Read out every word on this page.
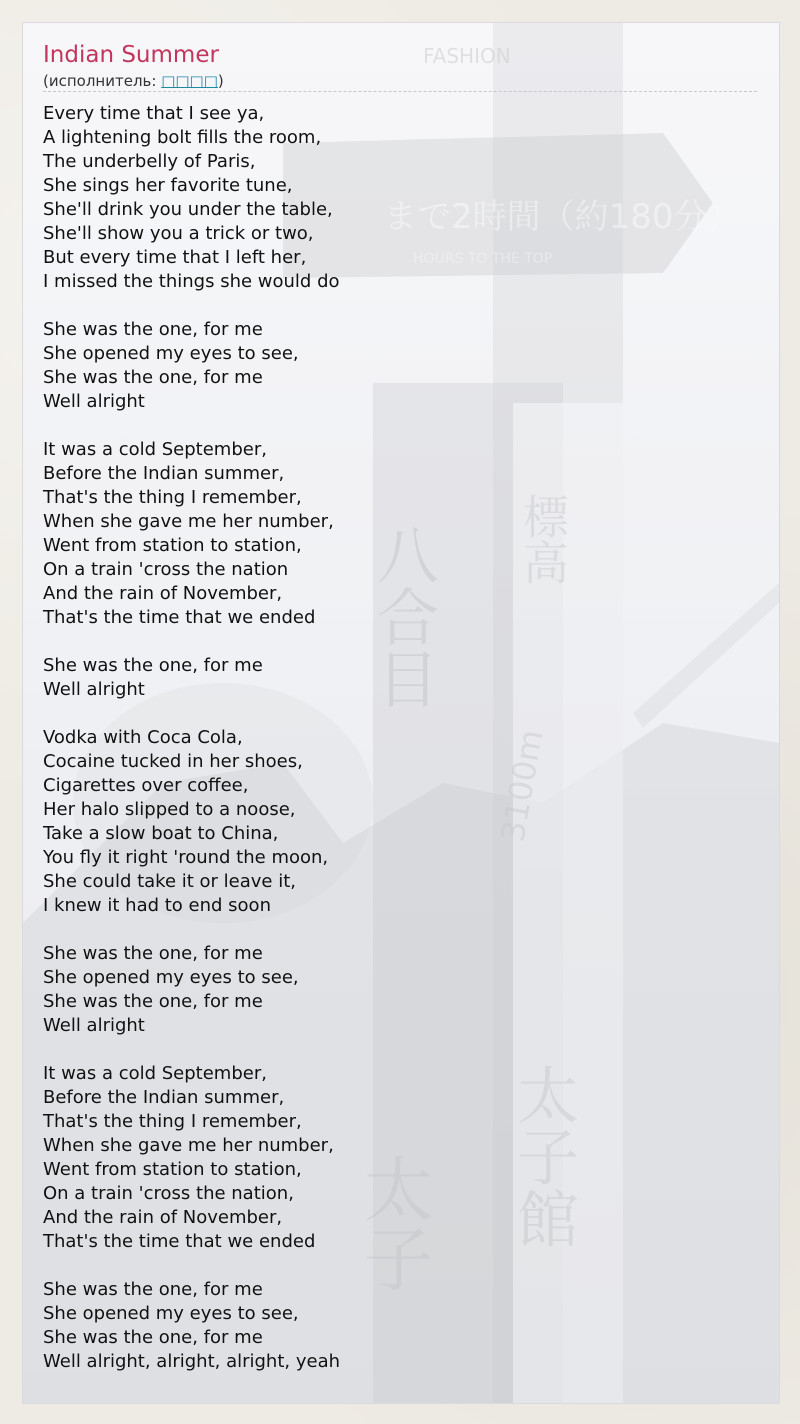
まで2時間（約180分）
HOURS TO THE TOP
FASHION
八合目 標高
3100m
太子 太子館
Indian Summer
(исполнитель: □□□□)
Every time that I see ya,
A lightening bolt fills the room,
The underbelly of Paris,
She sings her favorite tune,
She'll drink you under the table,
She'll show you a trick or two,
But every time that I left her,
I missed the things she would do

She was the one, for me
She opened my eyes to see,
She was the one, for me
Well alright

It was a cold September,
Before the Indian summer,
That's the thing I remember,
When she gave me her number,
Went from station to station,
On a train 'cross the nation
And the rain of November,
That's the time that we ended

She was the one, for me
Well alright

Vodka with Coca Cola,
Cocaine tucked in her shoes,
Cigarettes over coffee,
Her halo slipped to a noose,
Take a slow boat to China,
You fly it right 'round the moon,
She could take it or leave it,
I knew it had to end soon

She was the one, for me
She opened my eyes to see,
She was the one, for me
Well alright

It was a cold September,
Before the Indian summer,
That's the thing I remember,
When she gave me her number,
Went from station to station,
On a train 'cross the nation,
And the rain of November,
That's the time that we ended

She was the one, for me
She opened my eyes to see,
She was the one, for me
Well alright, alright, alright, yeah
